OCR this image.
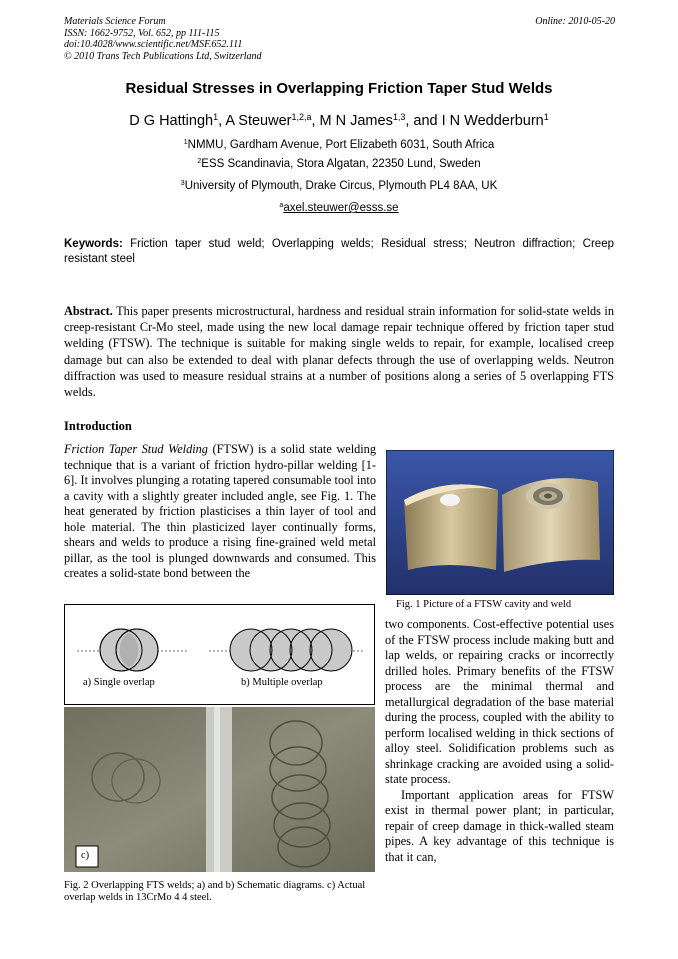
Materials Science Forum
ISSN: 1662-9752, Vol. 652, pp 111-115
doi:10.4028/www.scientific.net/MSF.652.111
© 2010 Trans Tech Publications Ltd, Switzerland
Online: 2010-05-20
Residual Stresses in Overlapping Friction Taper Stud Welds
D G Hattingh$^1$, A Steuwer$^{1,2,a}$, M N James$^{1,3}$, and I N Wedderburn$^1$
$^1$NMMU, Gardham Avenue, Port Elizabeth 6031, South Africa
$^2$ESS Scandinavia, Stora Algatan, 22350 Lund, Sweden
$^3$University of Plymouth, Drake Circus, Plymouth PL4 8AA, UK
$^a$axel.steuwer@esss.se
Keywords: Friction taper stud weld; Overlapping welds; Residual stress; Neutron diffraction; Creep resistant steel
Abstract. This paper presents microstructural, hardness and residual strain information for solid-state welds in creep-resistant Cr-Mo steel, made using the new local damage repair technique offered by friction taper stud welding (FTSW). The technique is suitable for making single welds to repair, for example, localised creep damage but can also be extended to deal with planar defects through the use of overlapping welds. Neutron diffraction was used to measure residual strains at a number of positions along a series of 5 overlapping FTS welds.
Introduction
Friction Taper Stud Welding (FTSW) is a solid state welding technique that is a variant of friction hydro-pillar welding [1-6]. It involves plunging a rotating tapered consumable tool into a cavity with a slightly greater included angle, see Fig. 1. The heat generated by friction plasticises a thin layer of tool and hole material. The thin plasticized layer continually forms, shears and welds to produce a rising fine-grained weld metal pillar, as the tool is plunged downwards and consumed. This creates a solid-state bond between the
Fig. 1 Picture of a FTSW cavity and weld

two components. Cost-effective potential uses of the FTSW process include making butt and lap welds, or repairing cracks or incorrectly drilled holes. Primary benefits of the FTSW process are the minimal thermal and metallurgical degradation of the base material during the process, coupled with the ability to perform localised welding in thick sections of alloy steel. Solidification problems such as shrinkage cracking are avoided using a solid-state process.

Important application areas for FTSW exist in thermal power plant; in particular, repair of creep damage in thick-walled steam pipes. A key advantage of this technique is that it can,

a) Single overlap	b) Multiple overlap
c)
Fig. 2 Overlapping FTS welds; a) and b) Schematic diagrams. c) Actual overlap welds in 13CrMo 4 4 steel.
